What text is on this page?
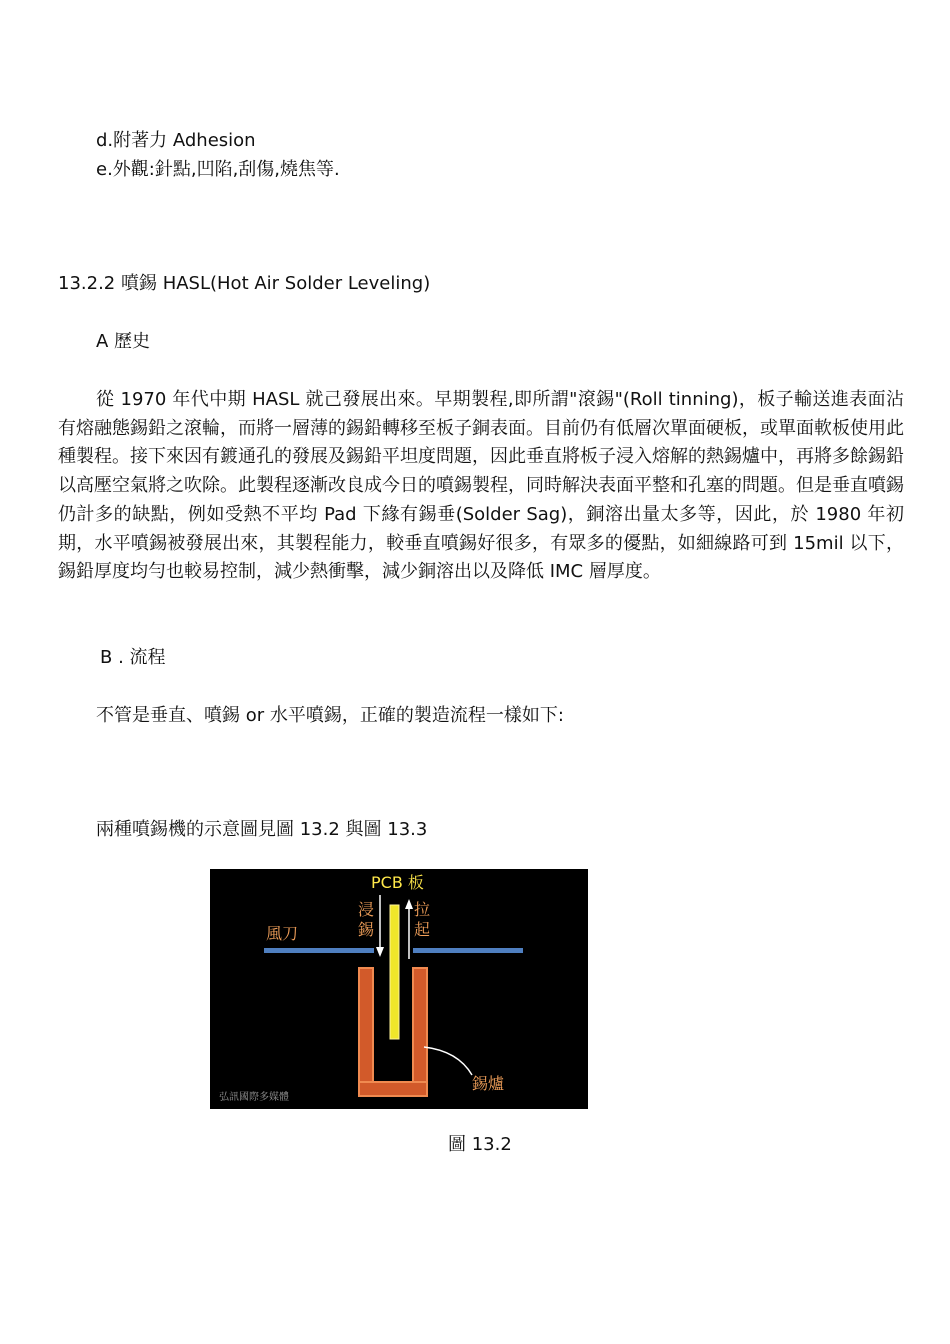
d.附著力 Adhesion
e.外觀:針點,凹陷,刮傷,燒焦等.
13.2.2 噴錫 HASL(Hot Air Solder Leveling)
A 歷史

從 1970 年代中期 HASL 就己發展出來。早期製程,即所謂"滾錫"(Roll tinning)，板子輸送進表面沾有熔融態錫鉛之滾輪，而將一層薄的錫鉛轉移至板子銅表面。目前仍有低層次單面硬板，或單面軟板使用此種製程。接下來因有鍍通孔的發展及錫鉛平坦度問題，因此垂直將板子浸入熔解的熱錫爐中，再將多餘錫鉛以高壓空氣將之吹除。此製程逐漸改良成今日的噴錫製程，同時解決表面平整和孔塞的問題。但是垂直噴錫仍計多的缺點，例如受熱不平均 Pad 下緣有錫垂(Solder Sag)，銅溶出量太多等，因此，於 1980 年初期，水平噴錫被發展出來，其製程能力，較垂直噴錫好很多，有眾多的優點，如細線路可到 15mil 以下，錫鉛厚度均勻也較易控制，減少熱衝擊，減少銅溶出以及降低 IMC 層厚度。

B . 流程
不管是垂直、噴錫 or 水平噴錫，正確的製造流程一樣如下:
兩種噴錫機的示意圖見圖 13.2 與圖 13.3
PCB 板
浸
錫
拉
起
風刀
錫爐
弘訊國際多媒體
圖 13.2
